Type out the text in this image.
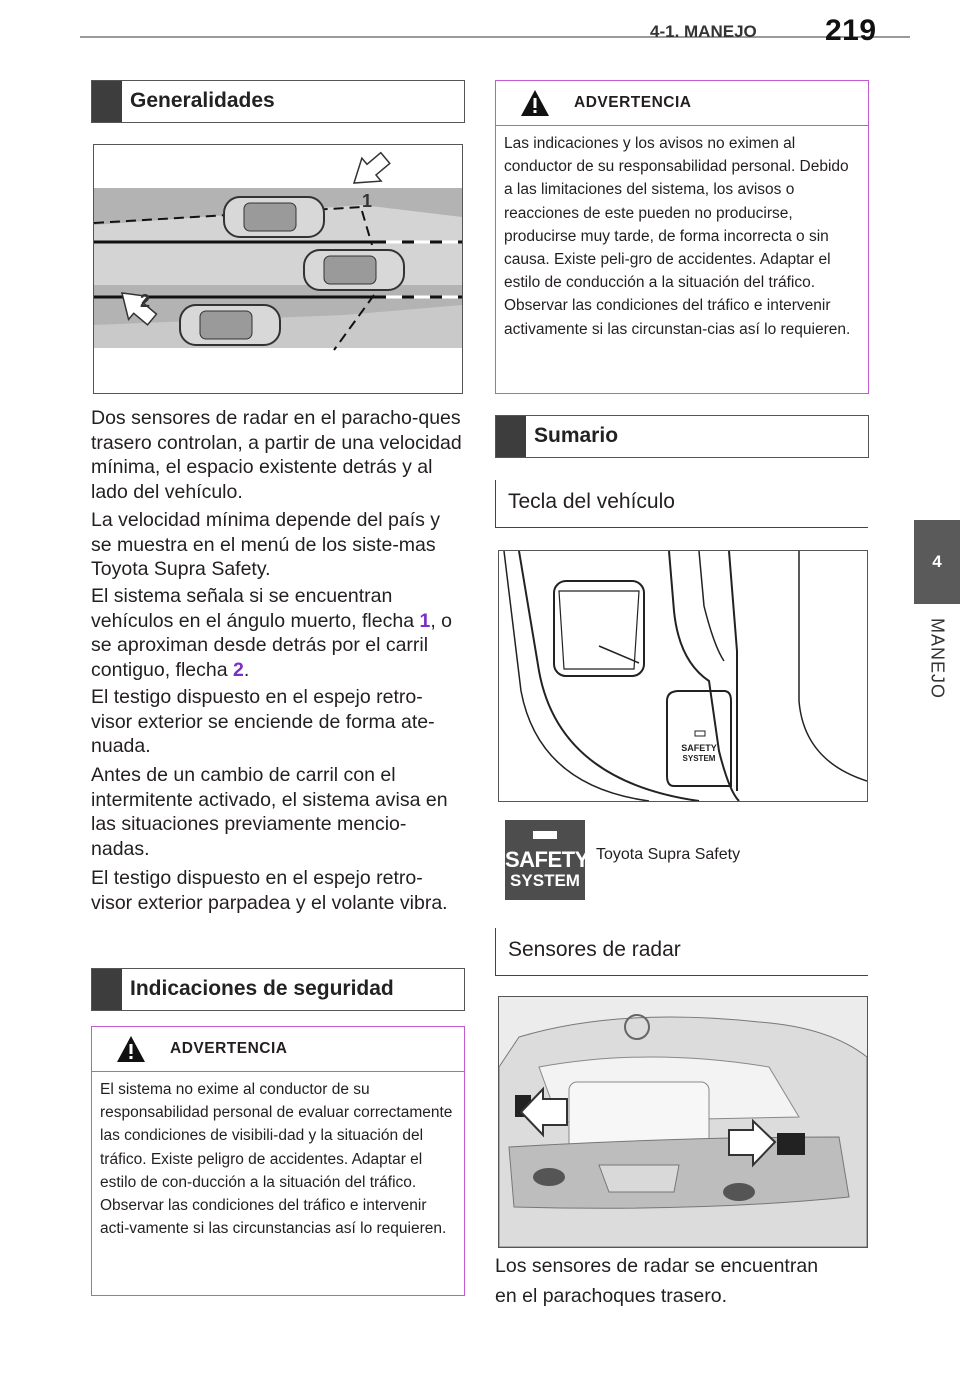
4-1. MANEJO 219
4
MANEJO
Generalidades
1
2

Dos sensores de radar en el paracho-ques trasero controlan, a partir de una velocidad mínima, el espacio existente detrás y al lado del vehículo.

La velocidad mínima depende del país y se muestra en el menú de los siste-mas Toyota Supra Safety.

El sistema señala si se encuentran vehículos en el ángulo muerto, flecha 1, o se aproximan desde detrás por el carril contiguo, flecha 2.

El testigo dispuesto en el espejo retro-visor exterior se enciende de forma ate-nuada.

Antes de un cambio de carril con el intermitente activado, el sistema avisa en las situaciones previamente mencio-nadas.

El testigo dispuesto en el espejo retro-visor exterior parpadea y el volante vibra.

Indicaciones de seguridad
ADVERTENCIA
El sistema no exime al conductor de su responsabilidad personal de evaluar correctamente las condiciones de visibili-dad y la situación del tráfico. Existe peligro de accidentes. Adaptar el estilo de con-ducción a la situación del tráfico. Observar las condiciones del tráfico e intervenir acti-vamente si las circunstancias así lo requieren.
ADVERTENCIA
Las indicaciones y los avisos no eximen al conductor de su responsabilidad personal. Debido a las limitaciones del sistema, los avisos o reacciones de este pueden no producirse, producirse muy tarde, de forma incorrecta o sin causa. Existe peli-gro de accidentes. Adaptar el estilo de conducción a la situación del tráfico. Observar las condiciones del tráfico e intervenir activamente si las circunstan-cias así lo requieren.
Sumario
Tecla del vehículo
SAFETY
SYSTEM
SAFETY
SYSTEM
Toyota Supra Safety
Sensores de radar
Los sensores de radar se encuentran
en el parachoques trasero.
